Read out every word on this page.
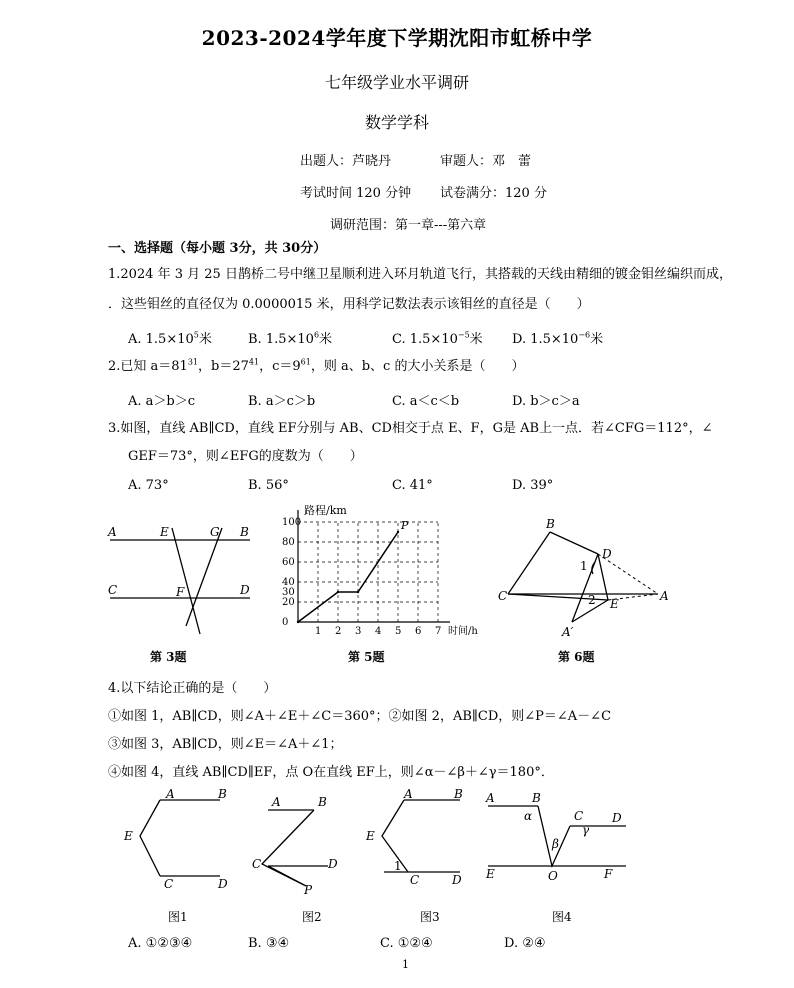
2023-2024学年度下学期沈阳市虹桥中学
七年级学业水平调研
数学学科
出题人：芦晓丹	审题人：邓　蕾
考试时间 120 分钟 试卷满分：120 分
调研范围：第一章---第六章
一、选择题（每小题 3分，共 30分）
1.2024 年 3 月 25 日鹊桥二号中继卫星顺利进入环月轨道飞行，其搭载的天线由精细的镀金钼丝编织而成，
．这些钼丝的直径仅为 0.0000015 米，用科学记数法表示该钼丝的直径是（　　）
A. $1.5\times 10^5$米	B. $1.5\times 10^6$米	C. $1.5\times 10^{-5}$米 D. $1.5\times 10^{-6}$米
2.已知 $a=81^{31}$，$b=27^{41}$，$c=9^{61}$，则 a、b、c 的大小关系是（　　）
A. a＞b＞c	B. a＞c＞b	C. a＜c＜b	D. b＞c＞a
3.如图，直线 AB∥CD，直线 EF分别与 AB、CD相交于点 E、F，G是 AB上一点．若∠CFG＝112°，∠
GEF＝73°，则∠EFG的度数为（　　）
A. 73°	B. 56°	C. 41°	D. 39°
A	E	G B
C	F	D
第 3题
路程/km
时间/h
1 2 3 4 5 6 7
0
20
30
40
60
80
100	P
第 5题
B
D
C	A
1
2 E
A′
第 6题
4.以下结论正确的是（　　）
①如图 1，AB∥CD，则∠A＋∠E＋∠C＝360°；②如图 2，AB∥CD，则∠P＝∠A－∠C
③如图 3，AB∥CD，则∠E＝∠A＋∠1；
④如图 4，直线 AB∥CD∥EF，点 O在直线 EF上，则∠α－∠β＋∠γ＝180°．
A	B
E
C	D
A	B
C	D
P
A	B
E
1
C	D
A	B
α	C D
γ
β
E	O	F
图1	图2	图3	图4
A. ①②③④	B. ③④	C. ①②④	D. ②④
1
